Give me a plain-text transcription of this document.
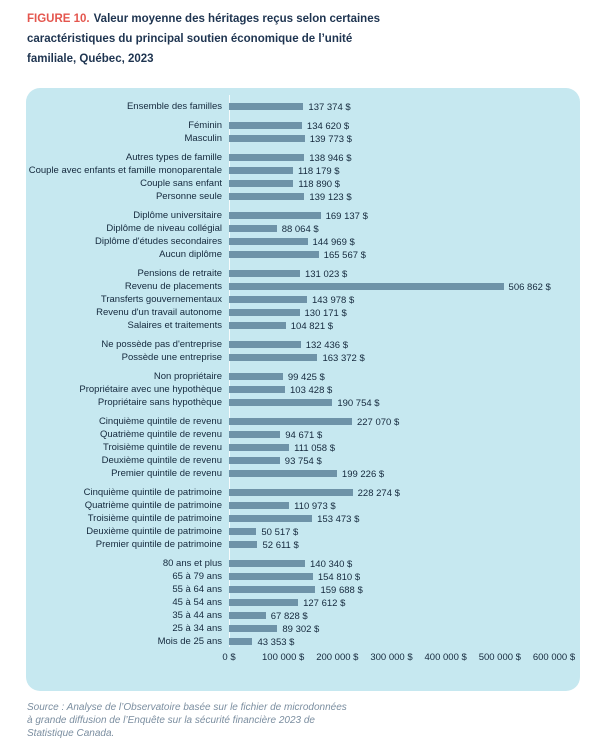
FIGURE 10. Valeur moyenne des héritages reçus selon certaines
caractéristiques du principal soutien économique de l’unité
familiale, Québec, 2023
Ensemble des familles	137 374 $
Féminin	134 620 $
Masculin	139 773 $
Autres types de famille	138 946 $
Couple avec enfants et famille monoparentale	118 179 $
Couple sans enfant	118 890 $
Personne seule	139 123 $
Diplôme universitaire	169 137 $
Diplôme de niveau collégial	88 064 $
Diplôme d'études secondaires	144 969 $
Aucun diplôme	165 567 $
Pensions de retraite	131 023 $
Revenu de placements	506 862 $
Transferts gouvernementaux	143 978 $
Revenu d'un travail autonome	130 171 $
Salaires et traitements	104 821 $
Ne possède pas d'entreprise	132 436 $
Possède une entreprise	163 372 $
Non propriétaire	99 425 $
Propriétaire avec une hypothèque	103 428 $
Propriétaire sans hypothèque	190 754 $
Cinquième quintile de revenu	227 070 $
Quatrième quintile de revenu	94 671 $
Troisième quintile de revenu	111 058 $
Deuxième quintile de revenu	93 754 $
Premier quintile de revenu	199 226 $
Cinquième quintile de patrimoine	228 274 $
Quatrième quintile de patrimoine	110 973 $
Troisième quintile de patrimoine	153 473 $
Deuxième quintile de patrimoine	50 517 $
Premier quintile de patrimoine	52 611 $
80 ans et plus	140 340 $
65 à 79 ans	154 810 $
55 à 64 ans	159 688 $
45 à 54 ans	127 612 $
35 à 44 ans	67 828 $
25 à 34 ans	89 302 $
Mois de 25 ans	43 353 $
0 $	100 000 $ 200 000 $ 300 000 $ 400 000 $ 500 000 $ 600 000 $
Source : Analyse de l’Observatoire basée sur le fichier de microdonnées
à grande diffusion de l’Enquête sur la sécurité financière 2023 de
Statistique Canada.
